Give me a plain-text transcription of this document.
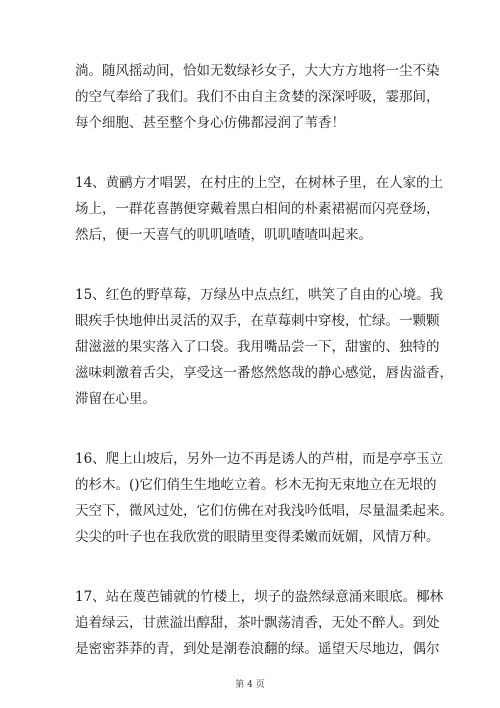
淌。随风摇动间，恰如无数绿衫女子，大大方方地将一尘不染

的空气奉给了我们。我们不由自主贪婪的深深呼吸，霎那间，

每个细胞、甚至整个身心仿佛都浸润了苇香！

14、黄鹂方才唱罢，在村庄的上空，在树林子里，在人家的土

场上，一群花喜鹊便穿戴着黑白相间的朴素裙裾而闪亮登场，

然后，便一天喜气的叽叽喳喳，叽叽喳喳叫起来。

15、红色的野草莓，万绿丛中点点红，哄笑了自由的心境。我

眼疾手快地伸出灵活的双手，在草莓刺中穿梭，忙绿。一颗颗

甜滋滋的果实落入了口袋。我用嘴品尝一下，甜蜜的、独特的

滋味刺激着舌尖，享受这一番悠然悠哉的静心感觉，唇齿溢香，

滞留在心里。

16、爬上山坡后，另外一边不再是诱人的芦柑，而是亭亭玉立

的杉木。()它们俏生生地屹立着。杉木无拘无束地立在无垠的

天空下，微风过处，它们仿佛在对我浅吟低唱，尽量温柔起来。

尖尖的叶子也在我欣赏的眼睛里变得柔嫩而妩媚，风情万种。

17、站在蔑芭铺就的竹楼上，坝子的盎然绿意涌来眼底。椰林

追着绿云，甘蔗溢出醇甜，茶叶飘荡清香，无处不醉人。到处

是密密莽莽的青，到处是潮卷浪翻的绿。遥望天尽地边，偶尔

第 4 页
